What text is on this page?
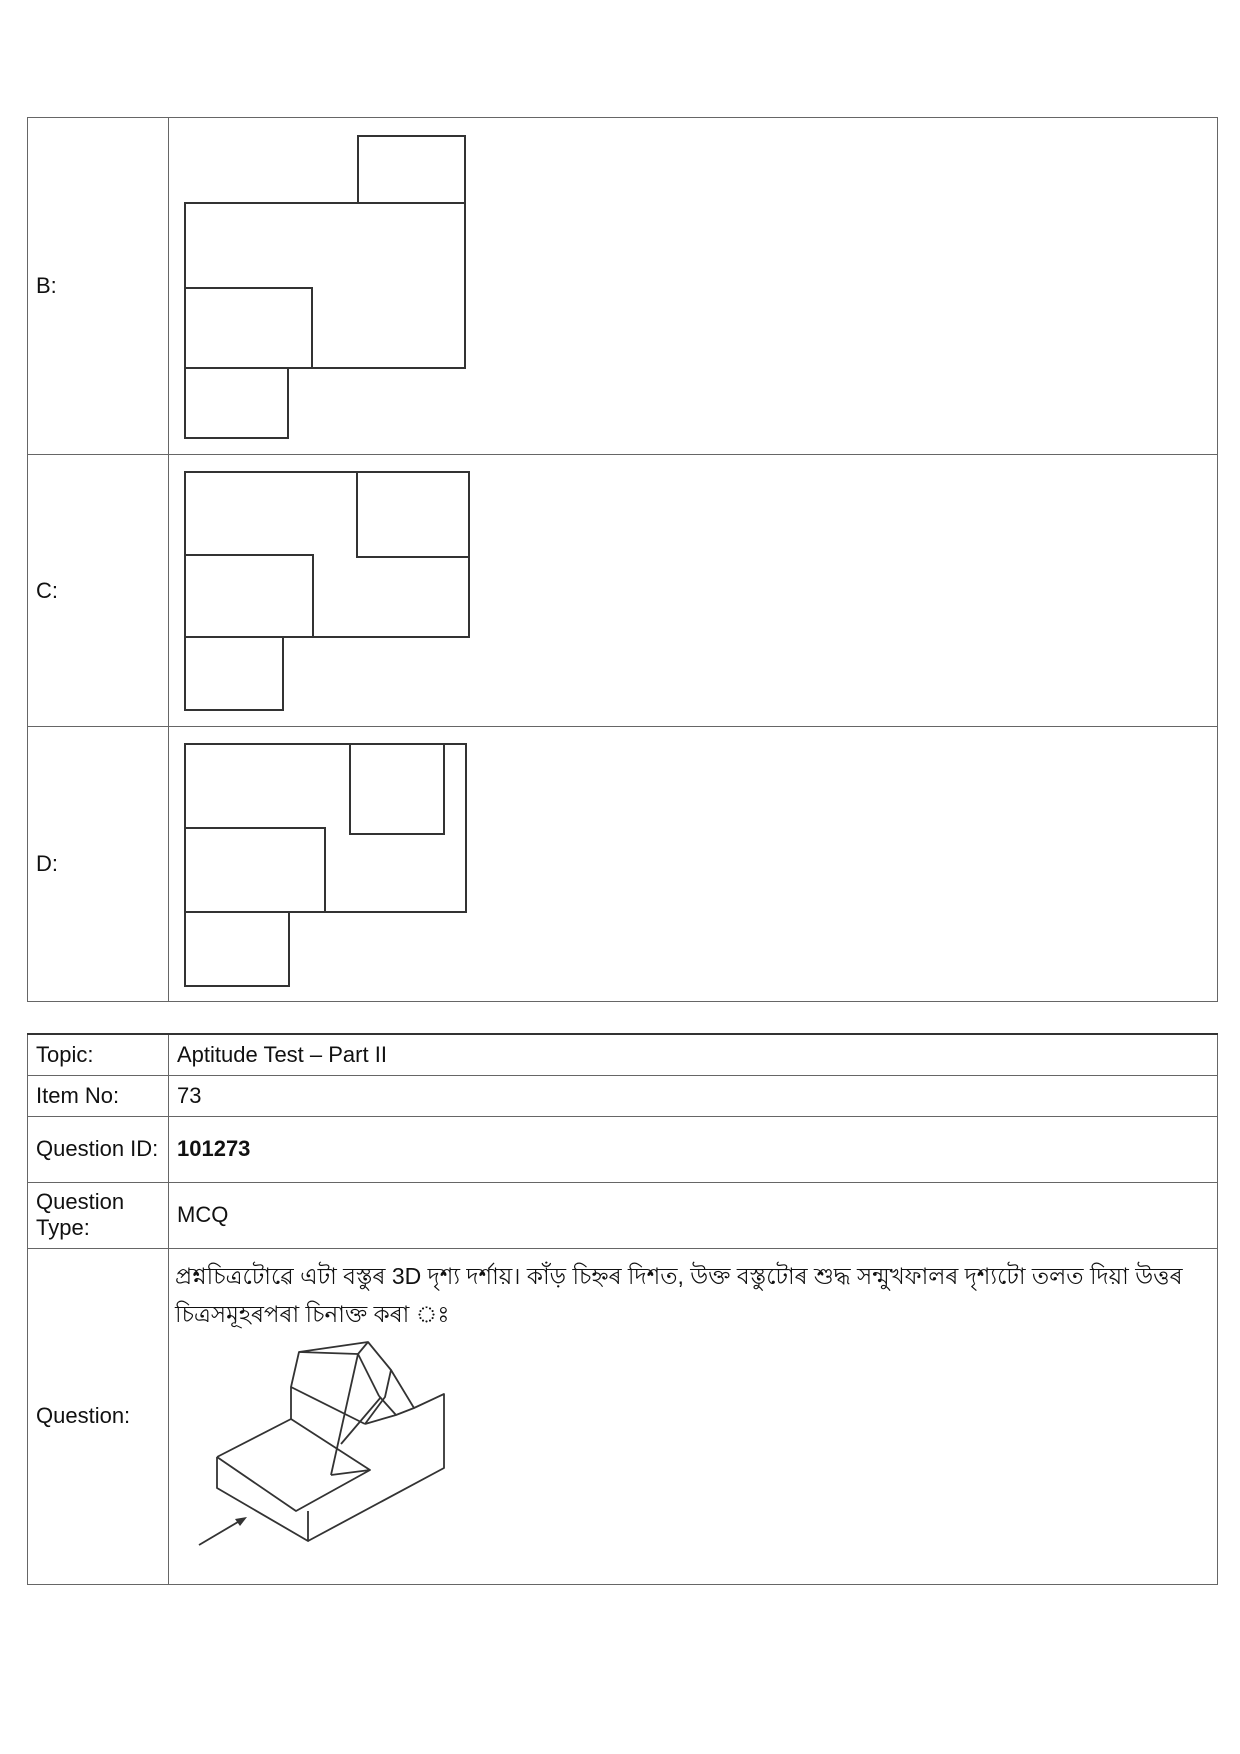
B:	

C:	

D:	
Topic:	Aptitude Test – Part II
Item No:	73
Question ID:	101273
Question Type:	MCQ
Question:	প্ৰশ্নচিত্ৰটোৱে এটা বস্তুৰ 3D দৃশ্য দৰ্শায়। কাঁড় চিহ্নৰ দিশত, উক্ত বস্তুটোৰ শুদ্ধ সন্মুখফালৰ দৃশ্যটো তলত দিয়া উত্তৰ চিত্ৰসমূহৰপৰা চিনাক্ত কৰা ঃ
